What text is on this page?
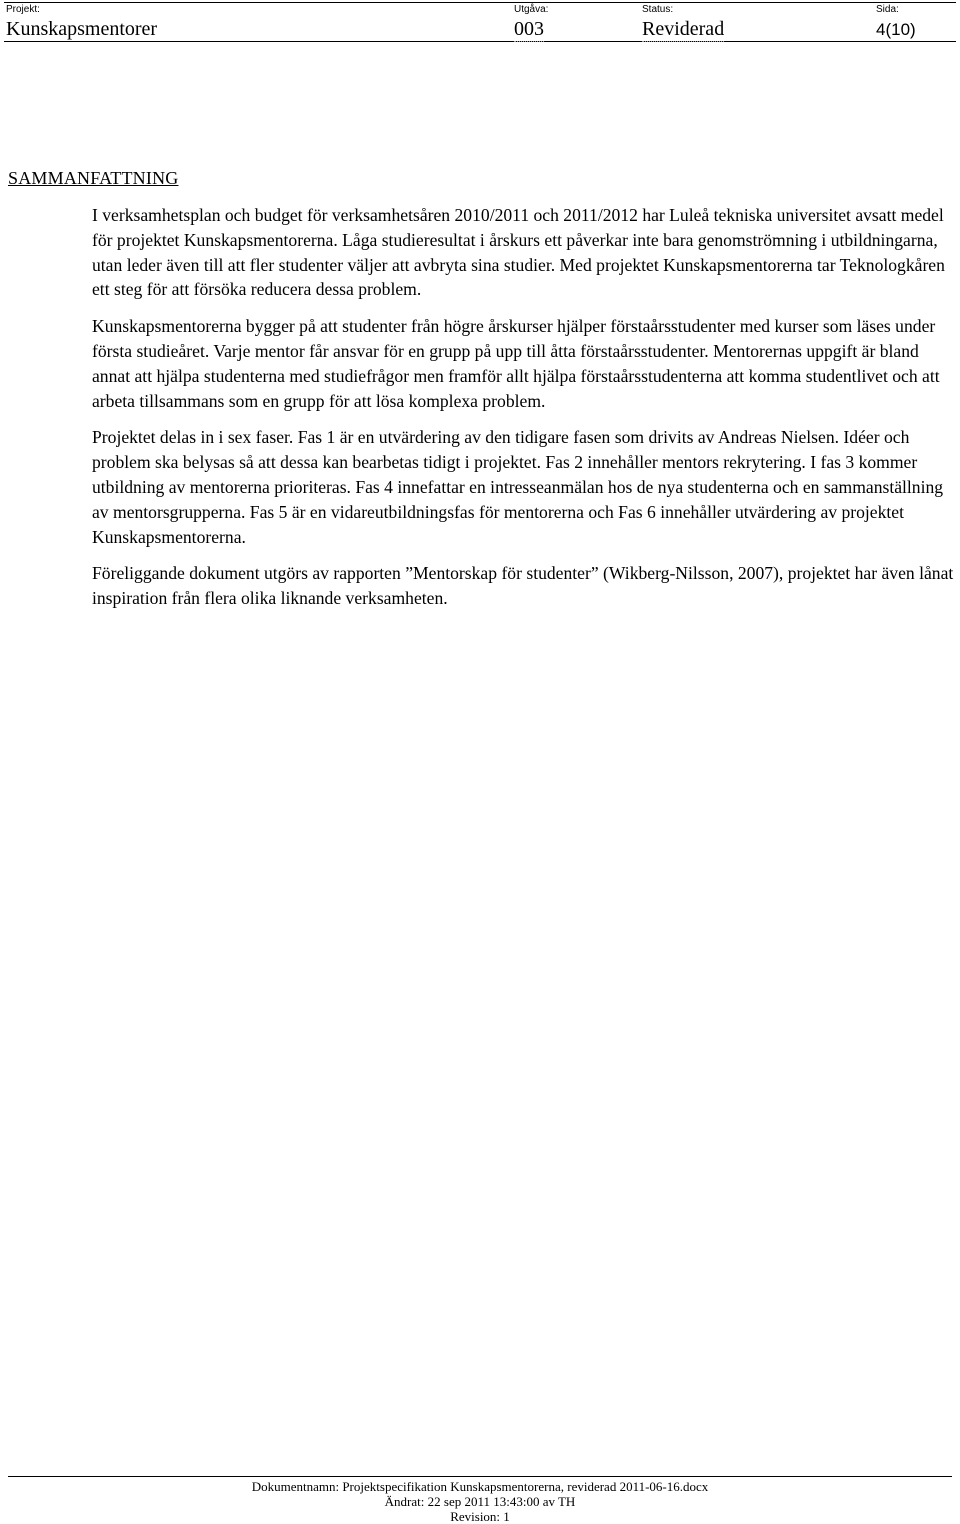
Projekt:
Kunskapsmentorer
Utgåva:
003
Status:
Reviderad
Sida:
4(10)
SAMMANFATTNING

I verksamhetsplan och budget för verksamhetsåren 2010/2011 och 2011/2012 har Luleå tekniska universitet avsatt medel för projektet Kunskapsmentorerna. Låga studieresultat i årskurs ett påverkar inte bara genomströmning i utbildningarna, utan leder även till att fler studenter väljer att avbryta sina studier. Med projektet Kunskapsmentorerna tar Teknologkåren ett steg för att försöka reducera dessa problem.

Kunskapsmentorerna bygger på att studenter från högre årskurser hjälper förstaårsstudenter med kurser som läses under första studieåret. Varje mentor får ansvar för en grupp på upp till åtta förstaårsstudenter. Mentorernas uppgift är bland annat att hjälpa studenterna med studiefrågor men framför allt hjälpa förstaårsstudenterna att komma studentlivet och att arbeta tillsammans som en grupp för att lösa komplexa problem.

Projektet delas in i sex faser. Fas 1 är en utvärdering av den tidigare fasen som drivits av Andreas Nielsen. Idéer och problem ska belysas så att dessa kan bearbetas tidigt i projektet. Fas 2 innehåller mentors rekrytering. I fas 3 kommer utbildning av mentorerna prioriteras. Fas 4 innefattar en intresseanmälan hos de nya studenterna och en sammanställning av mentorsgrupperna. Fas 5 är en vidareutbildningsfas för mentorerna och Fas 6 innehåller utvärdering av projektet Kunskapsmentorerna.

Föreliggande dokument utgörs av rapporten ”Mentorskap för studenter” (Wikberg-Nilsson, 2007), projektet har även lånat inspiration från flera olika liknande verksamheten.

Dokumentnamn: Projektspecifikation Kunskapsmentorerna, reviderad 2011-06-16.docx
Ändrat: 22 sep 2011 13:43:00 av TH
Revision: 1
